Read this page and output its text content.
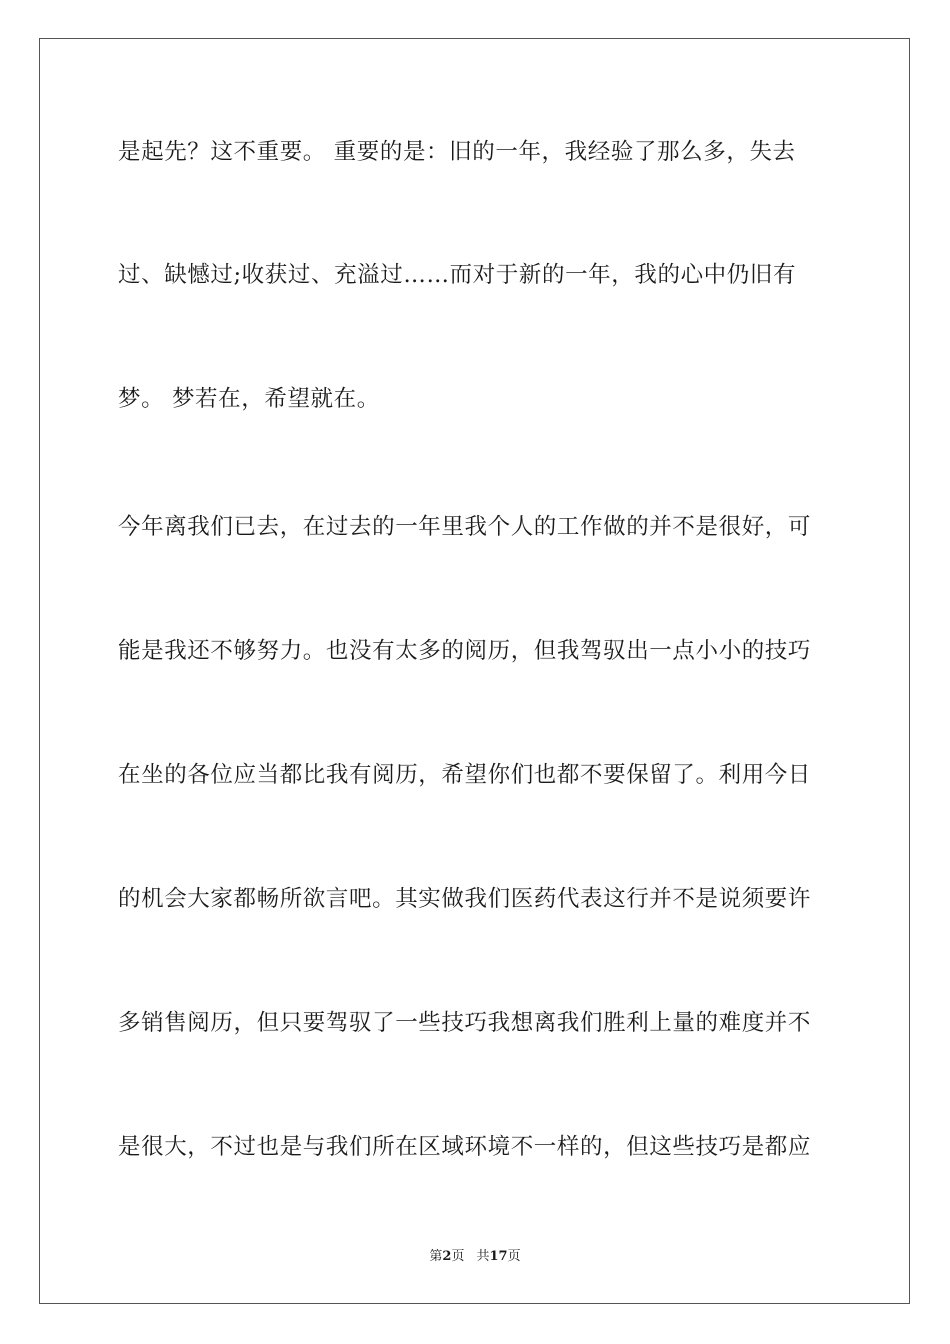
是起先？这不重要。 重要的是：旧的一年，我经验了那么多，失去
过、缺憾过;收获过、充溢过……而对于新的一年，我的心中仍旧有
梦。 梦若在，希望就在。
今年离我们已去，在过去的一年里我个人的工作做的并不是很好，可
能是我还不够努力。也没有太多的阅历，但我驾驭出一点小小的技巧
在坐的各位应当都比我有阅历，希望你们也都不要保留了。利用今日
的机会大家都畅所欲言吧。其实做我们医药代表这行并不是说须要许
多销售阅历，但只要驾驭了一些技巧我想离我们胜利上量的难度并不
是很大，不过也是与我们所在区域环境不一样的，但这些技巧是都应
第2页 共17页
